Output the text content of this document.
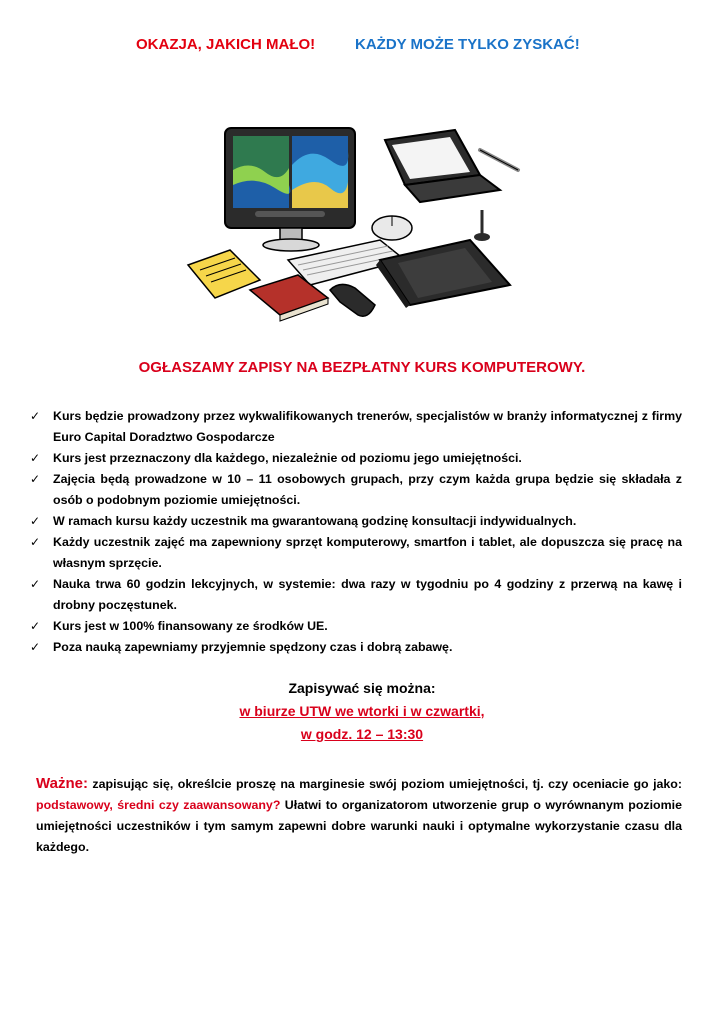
OKAZJA, JAKICH MAŁO!	KAŻDY MOŻE TYLKO ZYSKAĆ!
OGŁASZAMY ZAPISY NA BEZPŁATNY KURS KOMPUTEROWY.
✓ Kurs będzie prowadzony przez wykwalifikowanych trenerów, specjalistów w branży informatycznej z firmy Euro Capital Doradztwo Gospodarcze
✓ Kurs jest przeznaczony dla każdego, niezależnie od poziomu jego umiejętności.
✓ Zajęcia będą prowadzone w 10 – 11 osobowych grupach, przy czym każda grupa będzie się składała z osób o podobnym poziomie umiejętności.
✓ W ramach kursu każdy uczestnik ma gwarantowaną godzinę konsultacji indywidualnych.
✓ Każdy uczestnik zajęć ma zapewniony sprzęt komputerowy, smartfon i tablet, ale dopuszcza się pracę na własnym sprzęcie.
✓ Nauka trwa 60 godzin lekcyjnych, w systemie: dwa razy w tygodniu po 4 godziny z przerwą na kawę i drobny poczęstunek.
✓ Kurs jest w 100% finansowany ze środków UE.
✓ Poza nauką zapewniamy przyjemnie spędzony czas i dobrą zabawę.
Zapisywać się można:
w biurze UTW we wtorki i w czwartki,
w godz. 12 – 13:30
Ważne: zapisując się, określcie proszę na marginesie swój poziom umiejętności, tj. czy oceniacie go jako: podstawowy, średni czy zaawansowany? Ułatwi to organizatorom utworzenie grup o wyrównanym poziomie umiejętności uczestników i tym samym zapewni dobre warunki nauki i optymalne wykorzystanie czasu dla każdego.
